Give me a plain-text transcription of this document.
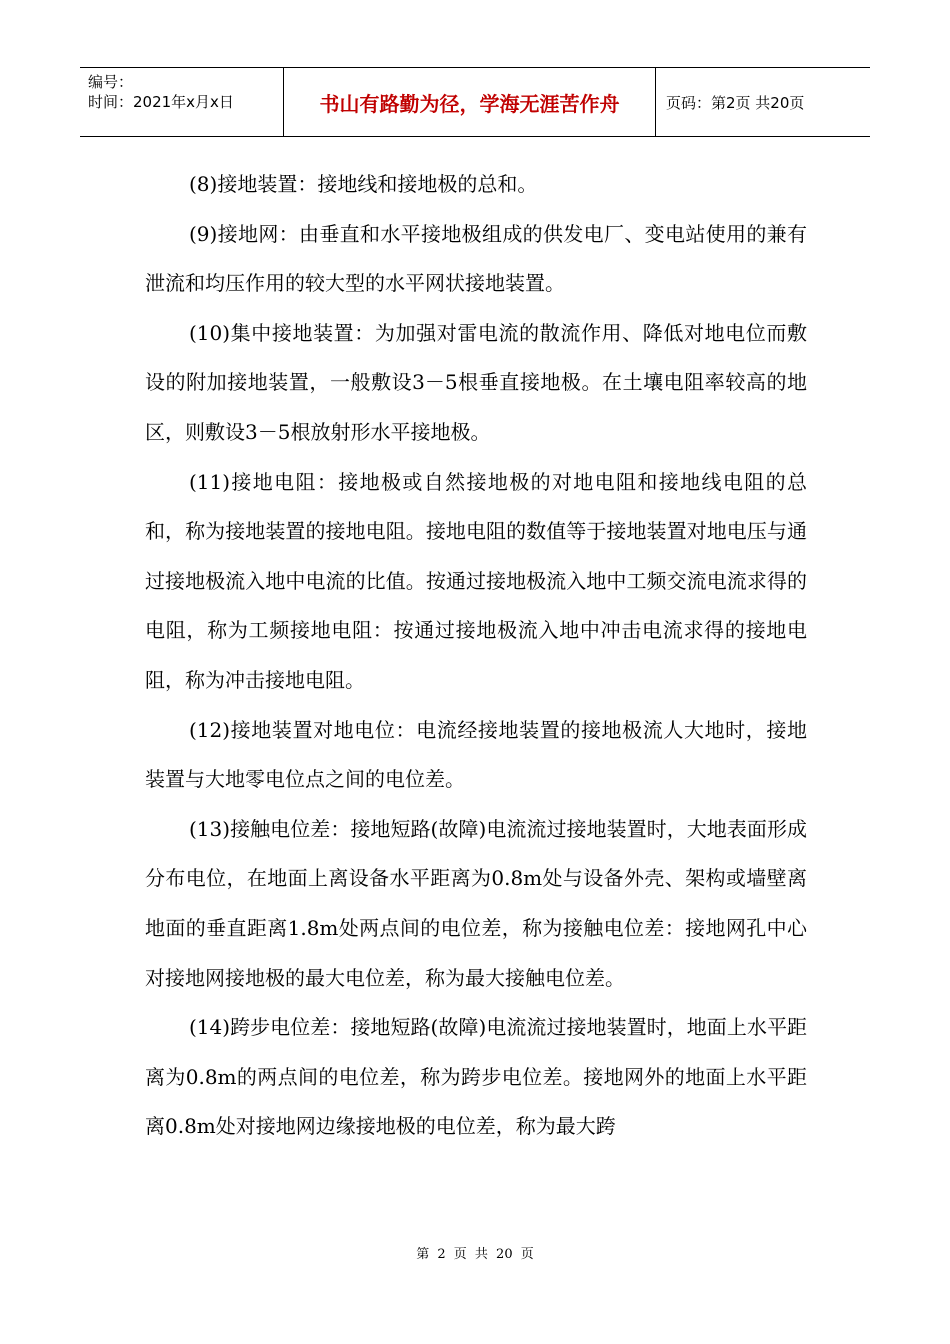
编号：
时间：2021年x月x日	书山有路勤为径，学海无涯苦作舟	页码：第2页 共20页

(8)接地装置：接地线和接地极的总和。

(9)接地网：由垂直和水平接地极组成的供发电厂、变电站使用的兼有泄流和均压作用的较大型的水平网状接地装置。

(10)集中接地装置：为加强对雷电流的散流作用、降低对地电位而敷设的附加接地装置，一般敷设3－5根垂直接地极。在土壤电阻率较高的地区，则敷设3－5根放射形水平接地极。

(11)接地电阻：接地极或自然接地极的对地电阻和接地线电阻的总和，称为接地装置的接地电阻。接地电阻的数值等于接地装置对地电压与通过接地极流入地中电流的比值。按通过接地极流入地中工频交流电流求得的电阻，称为工频接地电阻：按通过接地极流入地中冲击电流求得的接地电阻，称为冲击接地电阻。

(12)接地装置对地电位：电流经接地装置的接地极流人大地时，接地装置与大地零电位点之间的电位差。

(13)接触电位差：接地短路(故障)电流流过接地装置时，大地表面形成分布电位，在地面上离设备水平距离为0.8m处与设备外壳、架构或墙壁离地面的垂直距离1.8m处两点间的电位差，称为接触电位差：接地网孔中心对接地网接地极的最大电位差，称为最大接触电位差。

(14)跨步电位差：接地短路(故障)电流流过接地装置时，地面上水平距离为0.8m的两点间的电位差，称为跨步电位差。接地网外的地面上水平距离0.8m处对接地网边缘接地极的电位差，称为最大跨

第 2 页 共 20 页
